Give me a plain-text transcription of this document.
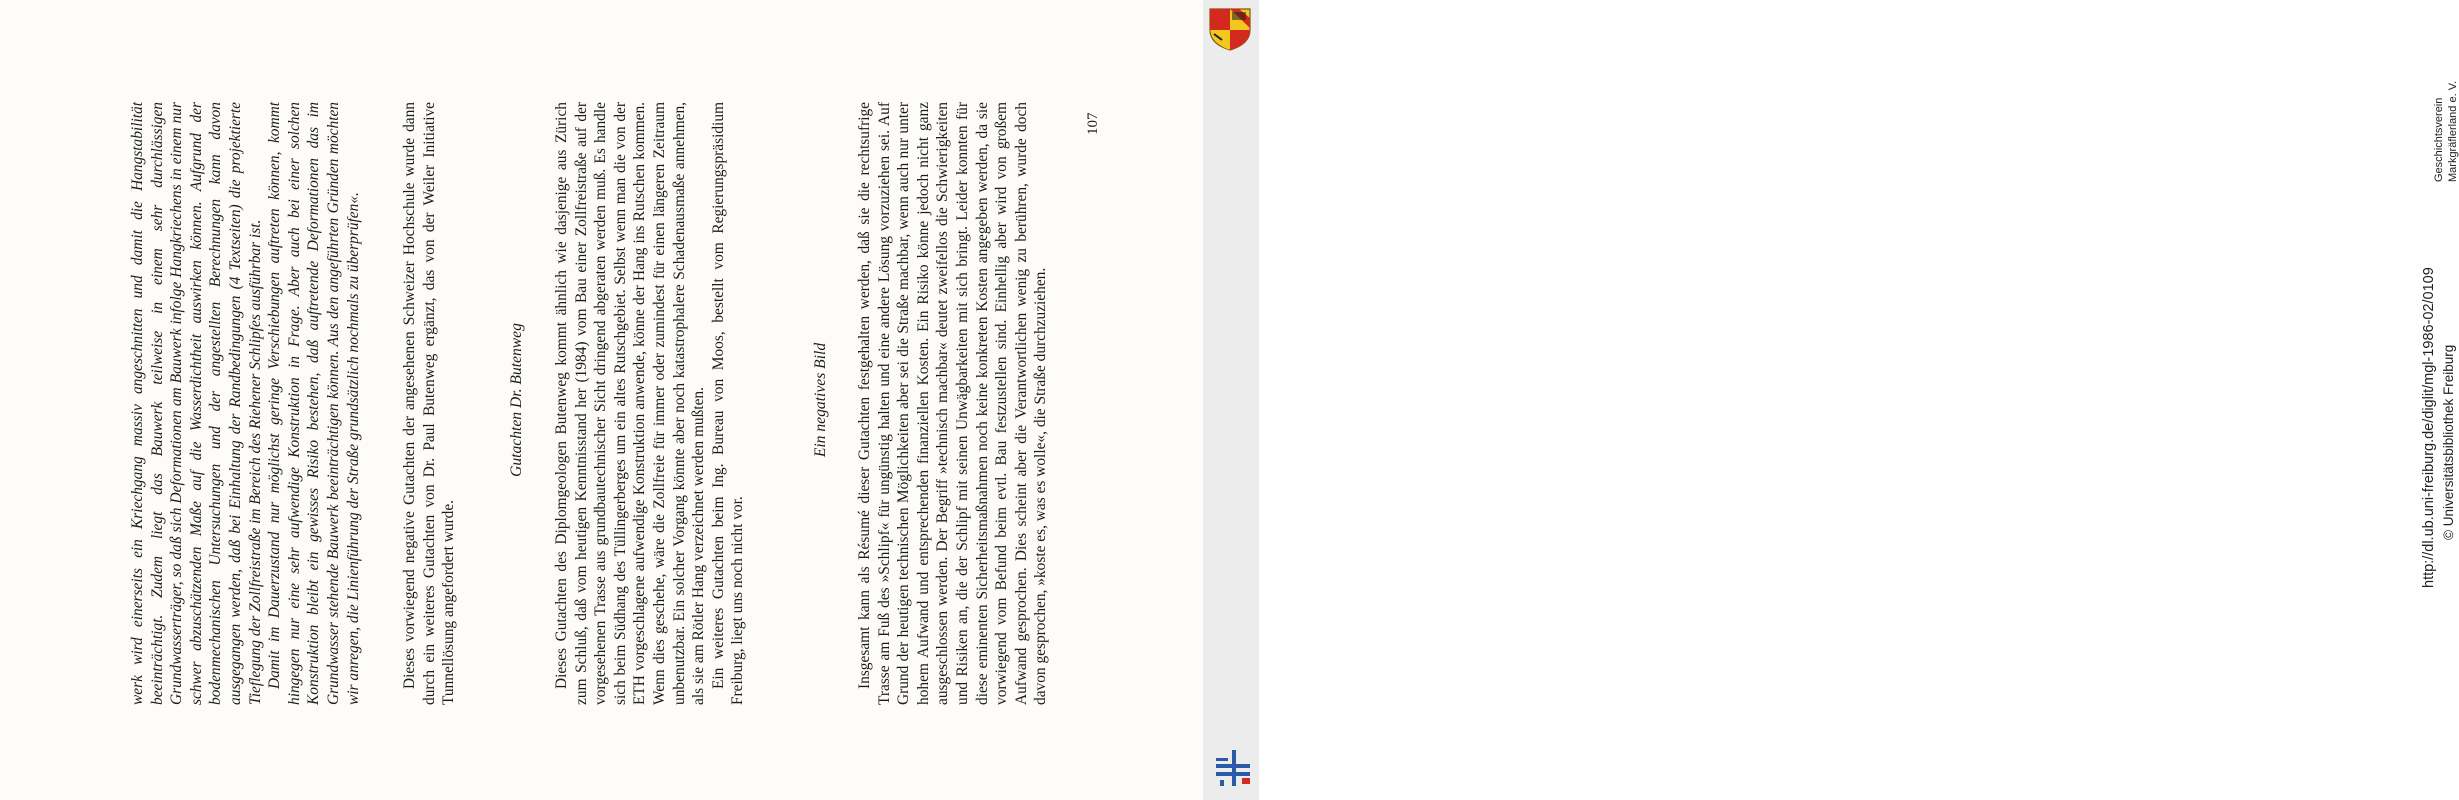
werk wird einerseits ein Kriechgang massiv angeschnitten und damit die Hangstabilität beeinträchtigt. Zudem liegt das Bauwerk teilweise in einem sehr durchlässigen Grundwasserträger, so daß sich Deformationen am Bauwerk infolge Hangkriechens in einem nur schwer abzuschätzenden Maße auf die Wasserdichtheit auswirken können. Aufgrund der bodenmechanischen Untersuchungen und der angestellten Berechnungen kann davon ausgegangen werden, daß bei Einhaltung der Randbedingungen (4 Textseiten) die projektierte Tieflegung der Zollfreistraße im Bereich des Riehener Schlipfes ausführbar ist. Damit im Dauerzustand nur möglichst geringe Verschiebungen auftreten können, kommt hingegen nur eine sehr aufwendige Konstruktion in Frage. Aber auch bei einer solchen Konstruktion bleibt ein gewisses Risiko bestehen, daß auftretende Deformationen das im Grundwasser stehende Bauwerk beeinträchtigen können. Aus den angeführten Gründen möchten wir anregen, die Linienführung der Straße grundsätzlich nochmals zu überprüfen«.	Dieses vorwiegend negative Gutachten der angesehenen Schweizer Hochschule wurde dann durch ein weiteres Gutachten von Dr. Paul Butenweg ergänzt, das von der Weiler Initiative Tunnellösung angefordert wurde.

Gutachten Dr. Butenweg Dieses Gutachten des Diplomgeologen Butenweg kommt ähnlich wie dasjenige aus Zürich zum Schluß, daß vom heutigen Kenntnisstand her (1984) vom Bau einer Zollfreistraße auf der vorgesehenen Trasse aus grundbautechnischer Sicht dringend abgeraten werden muß. Es handle sich beim Südhang des Tüllingerberges um ein altes Rutschgebiet. Selbst wenn man die von der ETH vorgeschlagene aufwendige Konstruktion anwende, könne der Hang ins Rutschen kommen. Wenn dies geschehe, wäre die Zollfreie für immer oder zumindest für einen längeren Zeitraum unbenutzbar. Ein solcher Vorgang könnte aber noch katastrophalere Schadenausmaße annehmen, als sie am Rötler Hang verzeichnet werden mußten. Ein weiteres Gutachten beim Ing. Bureau von Moos, bestellt vom Regierungspräsidium Freiburg, liegt uns noch nicht vor.

Ein negatives Bild Insgesamt kann als Résumé dieser Gutachten festgehalten werden, daß sie die rechtsufrige Trasse am Fuß des »Schlipf« für ungünstig halten und eine andere Lösung vorzuziehen sei. Auf Grund der heutigen technischen Möglichkeiten aber sei die Straße machbar, wenn auch nur unter hohem Aufwand und entsprechenden finanziellen Kosten. Ein Risiko könne jedoch nicht ganz ausgeschlossen werden. Der Begriff »technisch machbar« deutet zweifellos die Schwierigkeiten und Risiken an, die der Schlipf mit seinen Unwägbarkeiten mit sich bringt. Leider konnten für diese eminenten Sicherheitsmaßnahmen noch keine konkreten Kosten angegeben werden, da sie vorwiegend vom Befund beim evtl. Bau festzustellen sind. Einhellig aber wird von großem Aufwand gesprochen. Dies scheint aber die Verantwortlichen wenig zu berühren, wurde doch davon gesprochen, »koste es, was es wolle«, die Straße durchzuziehen.

107
http://dl.ub.uni-freiburg.de/diglit/mgl-1986-02/0109 © Universitätsbibliothek Freiburg
Geschichtsverein Markgräflerland e. V.
